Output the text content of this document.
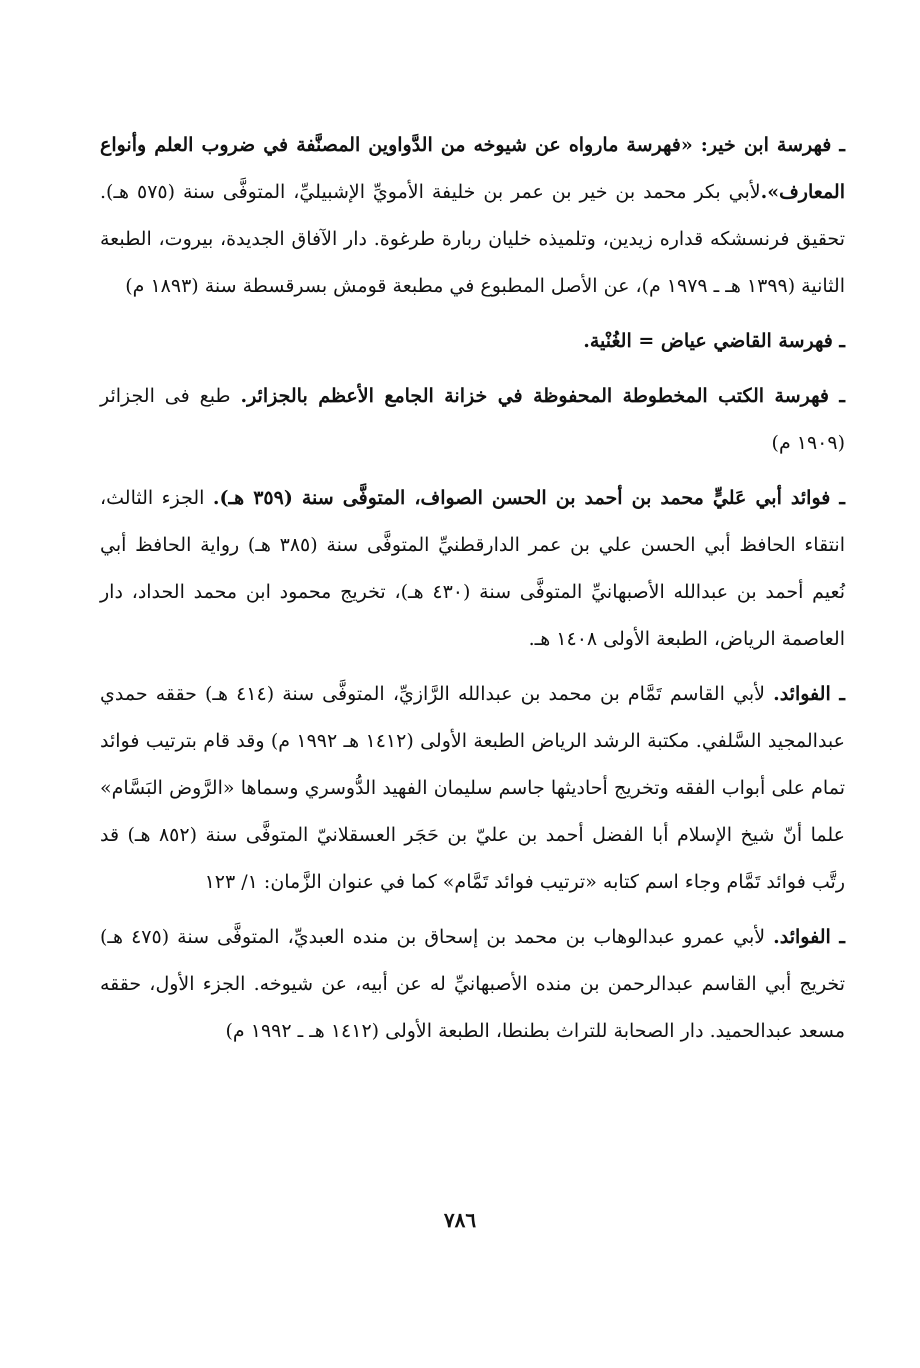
ـ فهرسة ابن خير: «فهرسة مارواه عن شيوخه من الدَّواوين المصنَّفة في ضروب العلم وأنواع المعارف».لأبي بكر محمد بن خير بن عمر بن خليفة الأمويِّ الإشبيليِّ، المتوفَّى سنة (٥٧٥ هـ). تحقيق فرنسشكه قداره زيدين، وتلميذه خليان ربارة طرغوة. دار الآفاق الجديدة، بيروت، الطبعة الثانية (١٣٩٩ هـ ـ ١٩٧٩ م)، عن الأصل المطبوع في مطبعة قومش بسرقسطة سنة (١٨٩٣ م)

ـ فهرسة القاضي عياض = الغُنْية.

ـ فهرسة الكتب المخطوطة المحفوظة في خزانة الجامع الأعظم بالجزائر. طبع فى الجزائر (١٩٠٩ م)

ـ فوائد أبي عَليٍّ محمد بن أحمد بن الحسن الصواف، المتوفَّى سنة (٣٥٩ هـ). الجزء الثالث، انتقاء الحافظ أبي الحسن علي بن عمر الدارقطنيِّ المتوفَّى سنة (٣٨٥ هـ) رواية الحافظ أبي نُعيم أحمد بن عبدالله الأصبهانيِّ المتوفَّى سنة (٤٣٠ هـ)، تخريج محمود ابن محمد الحداد، دار العاصمة الرياض، الطبعة الأولى ١٤٠٨ هـ.

ـ الفوائد. لأبي القاسم تَمَّام بن محمد بن عبدالله الرَّازيِّ، المتوفَّى سنة (٤١٤ هـ) حققه حمدي عبدالمجيد السَّلفي. مكتبة الرشد الرياض الطبعة الأولى (١٤١٢ هـ ١٩٩٢ م) وقد قام بترتيب فوائد تمام على أبواب الفقه وتخريج أحاديثها جاسم سليمان الفهيد الدُّوسري وسماها «الرَّوض البَسَّام» علما أنّ شيخ الإسلام أبا الفضل أحمد بن عليّ بن حَجَر العسقلانيّ المتوفَّى سنة (٨٥٢ هـ) قد رتَّب فوائد تَمَّام وجاء اسم كتابه «ترتيب فوائد تَمَّام» كما في عنوان الزَّمان: ١/ ١٢٣

ـ الفوائد. لأبي عمرو عبدالوهاب بن محمد بن إسحاق بن منده العبديِّ، المتوفَّى سنة (٤٧٥ هـ) تخريج أبي القاسم عبدالرحمن بن منده الأصبهانيِّ له عن أبيه، عن شيوخه. الجزء الأول، حققه مسعد عبدالحميد. دار الصحابة للتراث بطنطا، الطبعة الأولى (١٤١٢ هـ ـ ١٩٩٢ م)

٧٨٦
